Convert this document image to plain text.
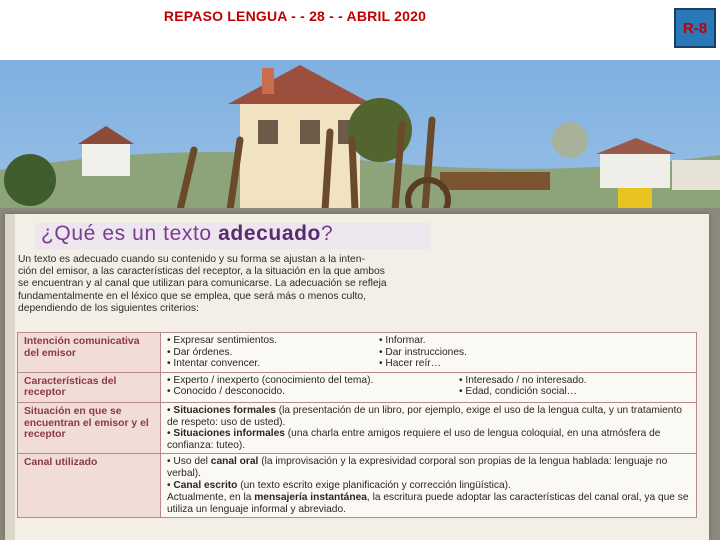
REPASO LENGUA - - 28 - - ABRIL 2020
R-8
¿Qué es un texto adecuado?
Un texto es adecuado cuando su contenido y su forma se ajustan a la inten-
ción del emisor, a las características del receptor, a la situación en la que ambos
se encuentran y al canal que utilizan para comunicarse. La adecuación se refleja
fundamentalmente en el léxico que se emplea, que será más o menos culto,
dependiendo de los siguientes criterios:
Intención comunicativa del emisor
• Expresar sentimientos.
• Dar órdenes.
• Intentar convencer.
• Informar.
• Dar instrucciones.
• Hacer reír…
Características del receptor
• Experto / inexperto (conocimiento del tema).
• Conocido / desconocido.
• Interesado / no interesado.
• Edad, condición social…
Situación en que se encuentran el emisor y el receptor
• Situaciones formales (la presentación de un libro, por ejemplo, exige el uso de la lengua culta, y un tratamiento de respeto: uso de usted).
• Situaciones informales (una charla entre amigos requiere el uso de lengua coloquial, en una atmósfera de confianza: tuteo).
Canal utilizado
•	Uso del canal oral (la improvisación y la expresividad corporal son propias de la lengua hablada: lenguaje no verbal).
• Canal escrito (un texto escrito exige planificación y corrección lingüística).
Actualmente, en la mensajería instantánea, la escritura puede adoptar las características del canal oral, ya que se utiliza un lenguaje informal y abreviado.
